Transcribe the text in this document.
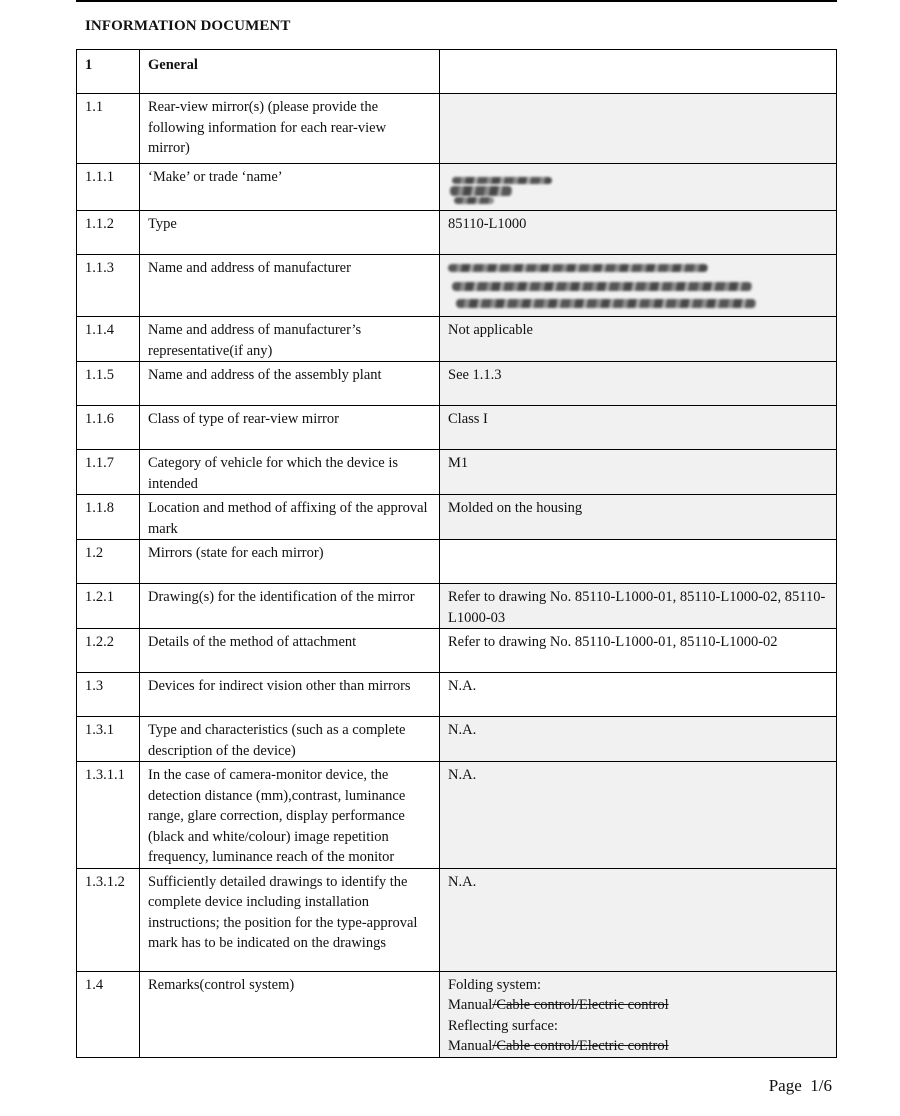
INFORMATION DOCUMENT
1	General	
1.1	Rear-view mirror(s) (please provide the following information for each rear-view mirror)	
1.1.1	‘Make’ or trade ‘name’	

1.1.2	Type	85110-L1000
1.1.3	Name and address of manufacturer	

1.1.4	Name and address of manufacturer’s representative(if any)	Not applicable
1.1.5	Name and address of the assembly plant	See 1.1.3
1.1.6	Class of type of rear-view mirror	Class I
1.1.7	Category of vehicle for which the device is intended	M1
1.1.8	Location and method of affixing of the approval mark	Molded on the housing
1.2	Mirrors (state for each mirror)	
1.2.1	Drawing(s) for the identification of the mirror	Refer to drawing No. 85110-L1000-01, 85110-L1000-02, 85110-L1000-03
1.2.2	Details of the method of attachment	Refer to drawing No. 85110-L1000-01, 85110-L1000-02
1.3	Devices for indirect vision other than mirrors	N.A.
1.3.1	Type and characteristics (such as a complete description of the device)	N.A.
1.3.1.1	In the case of camera-monitor device, the detection distance (mm),contrast, luminance range, glare correction, display performance (black and white/colour) image repetition frequency, luminance reach of the monitor	N.A.
1.3.1.2	Sufficiently detailed drawings to identify the complete device including installation instructions; the position for the type-approval mark has to be indicated on the drawings	N.A.
1.4	Remarks(control system)	Folding system:
Manual/Cable control/Electric control
Reflecting surface:
Manual/Cable control/Electric control
Page 1/6
